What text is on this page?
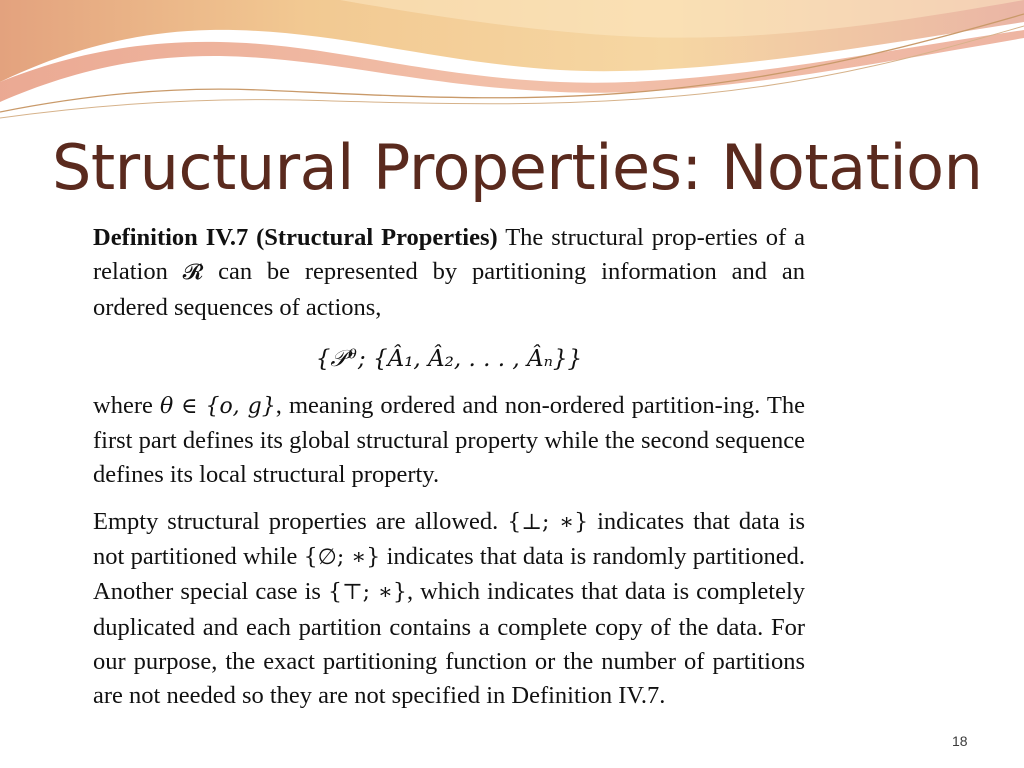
Structural Properties: Notation

Definition IV.7 (Structural Properties) The structural prop-erties of a relation 𝓡 can be represented by partitioning information and an ordered sequences of actions,

{𝒫ᶿ; {Â₁, Â₂, . . . , Âₙ}}

where θ ∈ {o, g}, meaning ordered and non-ordered partition-ing. The first part defines its global structural property while the second sequence defines its local structural property.

Empty structural properties are allowed. {⊥; ∗} indicates that data is not partitioned while {∅; ∗} indicates that data is randomly partitioned. Another special case is {⊤; ∗}, which indicates that data is completely duplicated and each partition contains a complete copy of the data. For our purpose, the exact partitioning function or the number of partitions are not needed so they are not specified in Definition IV.7.

18
